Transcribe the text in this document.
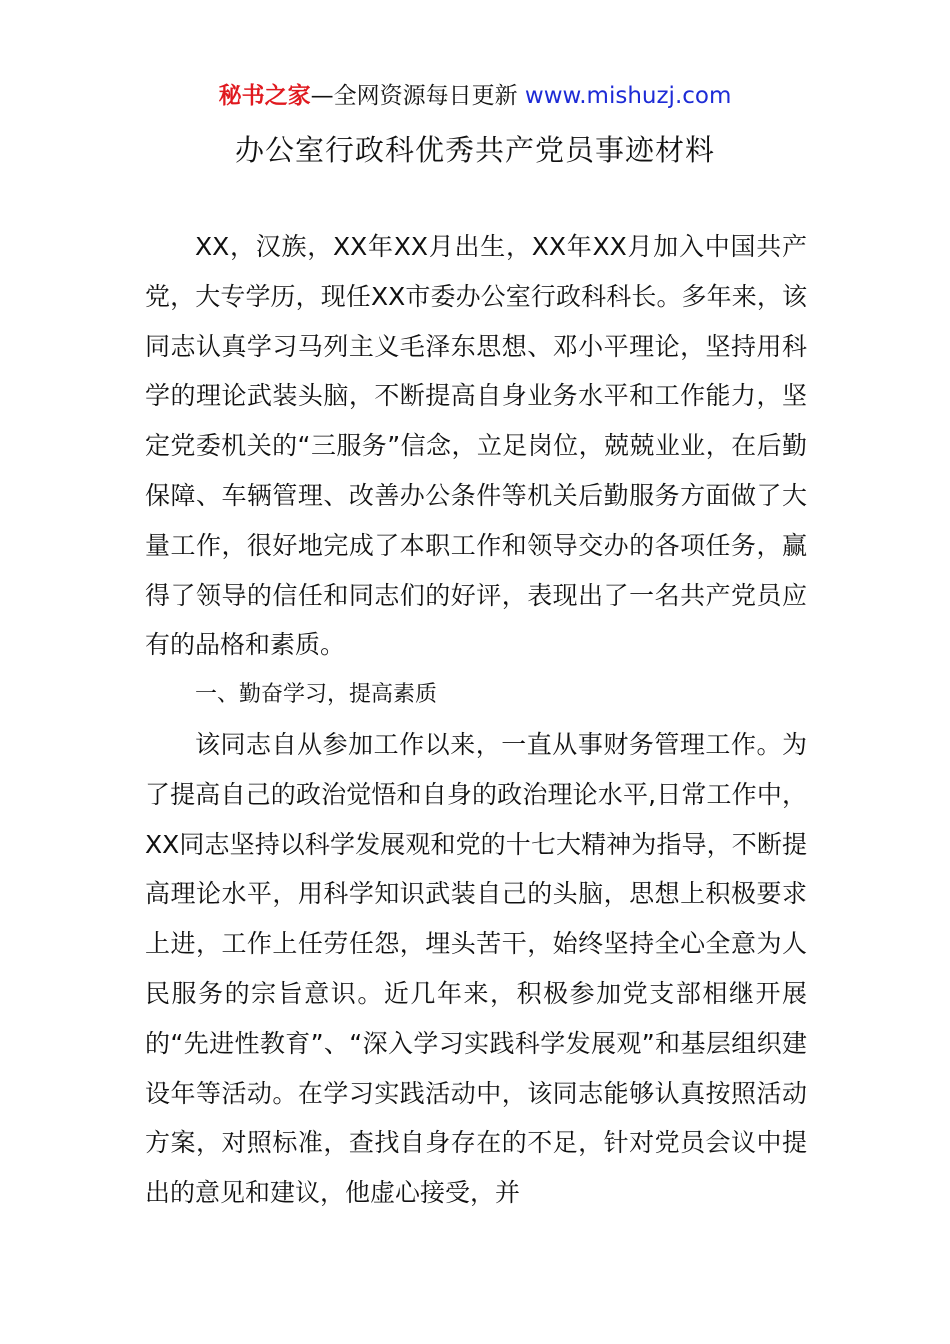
秘书之家—全网资源每日更新 www.mishuzj.com
办公室行政科优秀共产党员事迹材料

XX，汉族，XX年XX月出生，XX年XX月加入中国共产党，大专学历，现任XX市委办公室行政科科长。多年来，该同志认真学习马列主义毛泽东思想、邓小平理论，坚持用科学的理论武装头脑，不断提高自身业务水平和工作能力，坚定党委机关的“三服务”信念，立足岗位，兢兢业业，在后勤保障、车辆管理、改善办公条件等机关后勤服务方面做了大量工作，很好地完成了本职工作和领导交办的各项任务，赢得了领导的信任和同志们的好评，表现出了一名共产党员应有的品格和素质。

一、勤奋学习，提高素质

该同志自从参加工作以来，一直从事财务管理工作。为了提高自己的政治觉悟和自身的政治理论水平,日常工作中，XX同志坚持以科学发展观和党的十七大精神为指导，不断提高理论水平，用科学知识武装自己的头脑，思想上积极要求上进，工作上任劳任怨，埋头苦干，始终坚持全心全意为人民服务的宗旨意识。近几年来，积极参加党支部相继开展的“先进性教育”、“深入学习实践科学发展观”和基层组织建设年等活动。在学习实践活动中，该同志能够认真按照活动方案，对照标准，查找自身存在的不足，针对党员会议中提出的意见和建议，他虚心接受，并
